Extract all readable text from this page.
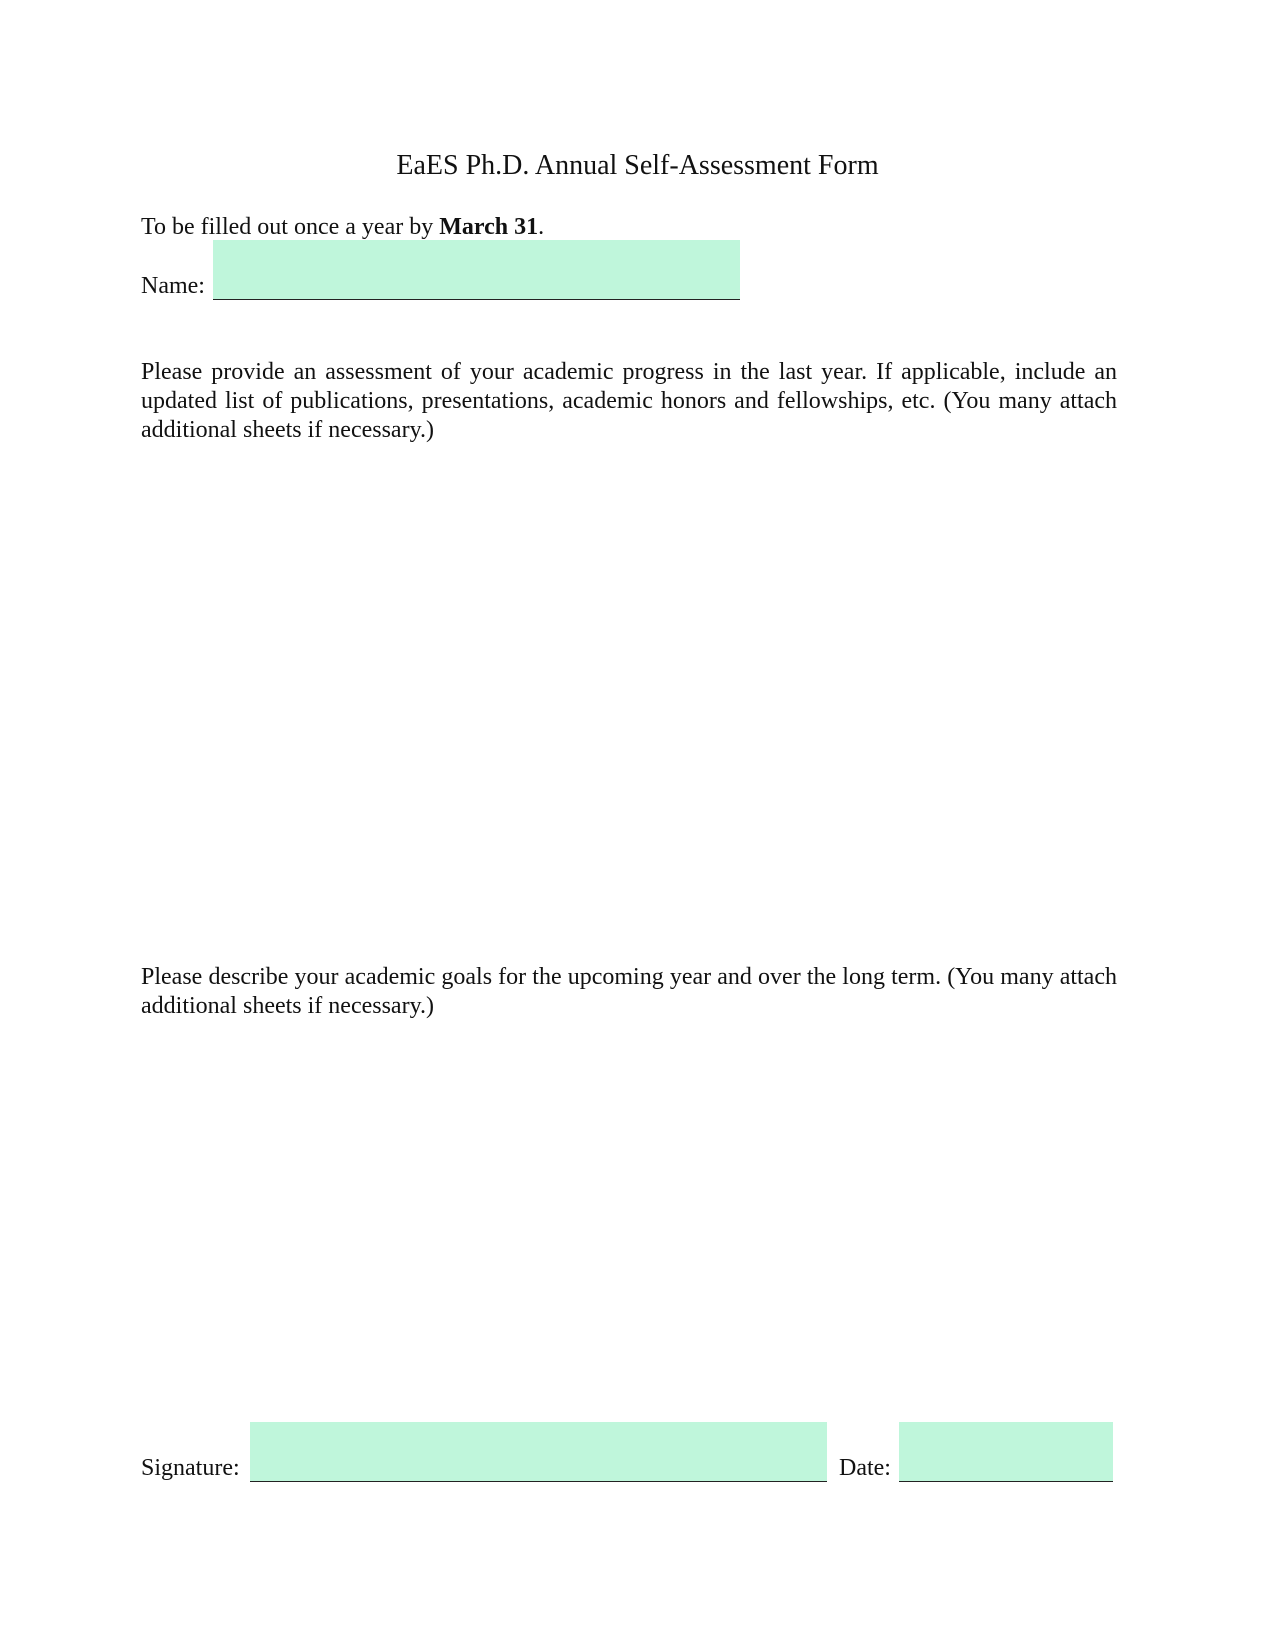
EaES Ph.D. Annual Self-Assessment Form

To be filled out once a year by March 31.

Name:

Please provide an assessment of your academic progress in the last year. If applicable, include an updated list of publications, presentations, academic honors and fellowships, etc. (You many attach additional sheets if necessary.)

Please describe your academic goals for the upcoming year and over the long term. (You many attach additional sheets if necessary.)

Signature:	Date:
